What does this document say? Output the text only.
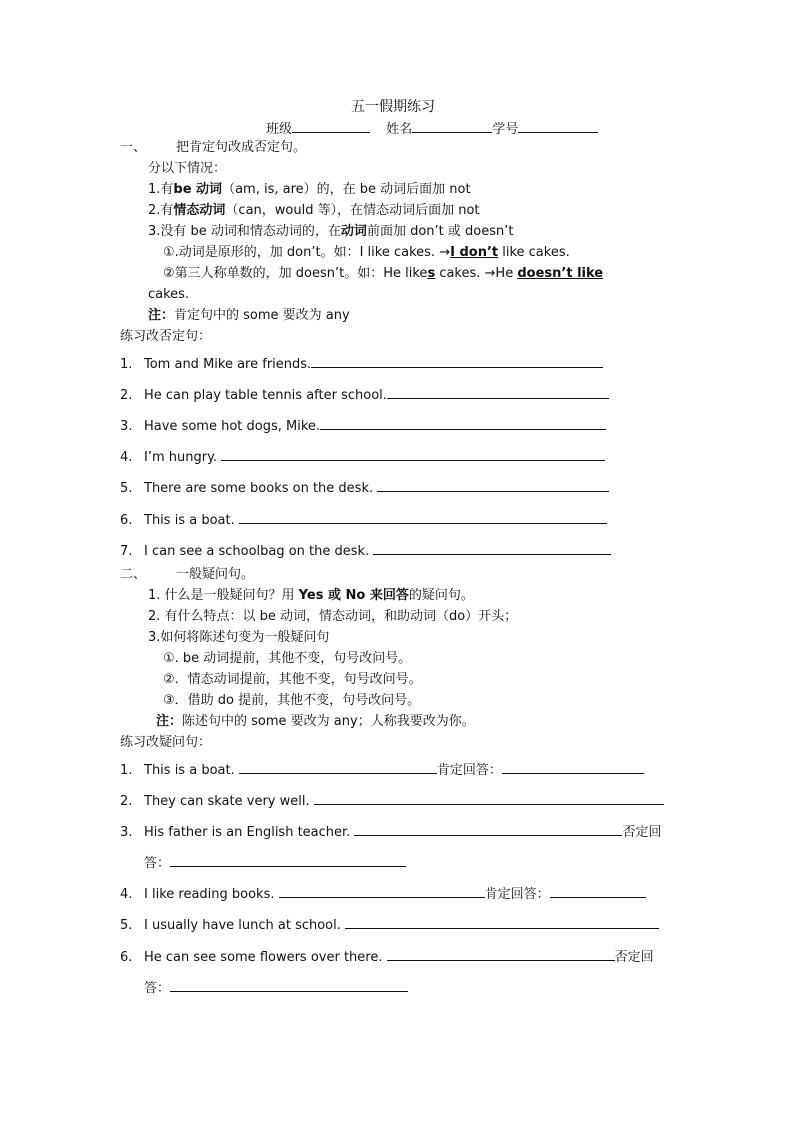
五一假期练习
班级	姓名	学号
一、 把肯定句改成否定句。
分以下情况：
1.有be 动词（am, is, are）的，在 be 动词后面加 not
2.有情态动词（can，would 等），在情态动词后面加 not
3.没有 be 动词和情态动词的，在动词前面加 don’t 或 doesn’t
①.动词是原形的，加 don’t。如：I like cakes. →I don’t like cakes.
②第三人称单数的，加 doesn’t。如：He likes cakes. →He doesn’t like
cakes.
注：肯定句中的 some 要改为 any
练习改否定句：
1. Tom and Mike are friends.
2. He can play table tennis after school.
3. Have some hot dogs, Mike.
4. I’m hungry.
5. There are some books on the desk.
6. This is a boat.
7. I can see a schoolbag on the desk.
二、 一般疑问句。
1. 什么是一般疑问句？用 Yes 或 No 来回答的疑问句。
2. 有什么特点：以 be 动词，情态动词，和助动词（do）开头；
3.如何将陈述句变为一般疑问句
①. be 动词提前，其他不变，句号改问号。
②．情态动词提前，其他不变，句号改问号。
③．借助 do 提前，其他不变，句号改问号。
注：陈述句中的 some 要改为 any；人称我要改为你。
练习改疑问句：
1. This is a boat.	肯定回答：
2. They can skate very well.
3. His father is an English teacher.	否定回
答：
4. I like reading books.	肯定回答：
5. I usually have lunch at school.
6. He can see some flowers over there.	否定回
答：
